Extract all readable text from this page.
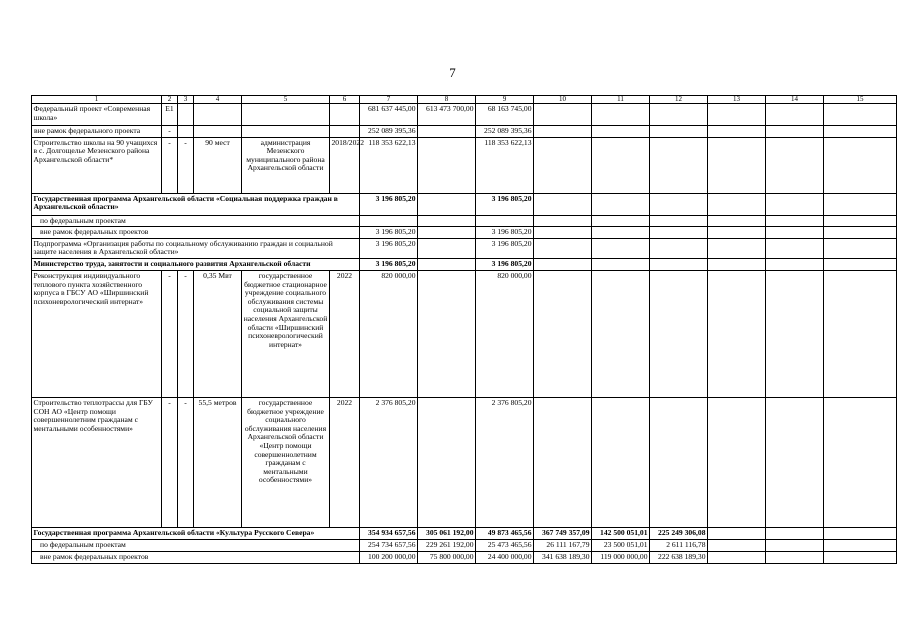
7
1	2	3	4	5	6	7	8	9	10	11	12	13	14	15
Федеральный проект «Современная школа»	E1					681 637 445,00	613 473 700,00	68 163 745,00						
вне рамок федерального проекта	-					252 089 395,36		252 089 395,36						
Строительство школы на 90 учащихся в с. Долгощелье Мезенского района Архангельской области*	-	-	90 мест	администрация Мезенского муниципального района Архангельской области	2018/2022	118 353 622,13		118 353 622,13						
Государственная программа Архангельской области «Социальная поддержка граждан в Архангельской области»						3 196 805,20		3 196 805,20						
по федеральным проектам														
вне рамок федеральных проектов						3 196 805,20		3 196 805,20						
Подпрограмма «Организация работы по социальному обслуживанию граждан и социальной защите населения в Архангельской области»						3 196 805,20		3 196 805,20						
Министерство труда, занятости и социального развития Архангельской области						3 196 805,20		3 196 805,20						
Реконструкция индивидуального теплового пункта хозяйственного корпуса в ГБСУ АО «Ширшинский психоневрологический интернат»	-	-	0,35 Мвт	государственное бюджетное стационарное учреждение социального обслуживания системы социальной защиты населения Архангельской области «Ширшинский психоневрологический интернат»	2022	820 000,00		820 000,00						
Строительство теплотрассы для ГБУ СОН АО «Центр помощи совершеннолетним гражданам с ментальными особенностями»	-	-	55,5 метров	государственное бюджетное учреждение социального обслуживания населения Архангельской области «Центр помощи совершеннолетним гражданам с ментальными особенностями»	2022	2 376 805,20		2 376 805,20						
Государственная программа Архангельской области «Культура Русского Севера»						354 934 657,56	305 061 192,00	49 873 465,56	367 749 357,09	142 500 051,01	225 249 306,08			
по федеральным проектам						254 734 657,56	229 261 192,00	25 473 465,56	26 111 167,79	23 500 051,01	2 611 116,78			
вне рамок федеральных проектов						100 200 000,00	75 800 000,00	24 400 000,00	341 638 189,30	119 000 000,00	222 638 189,30			
